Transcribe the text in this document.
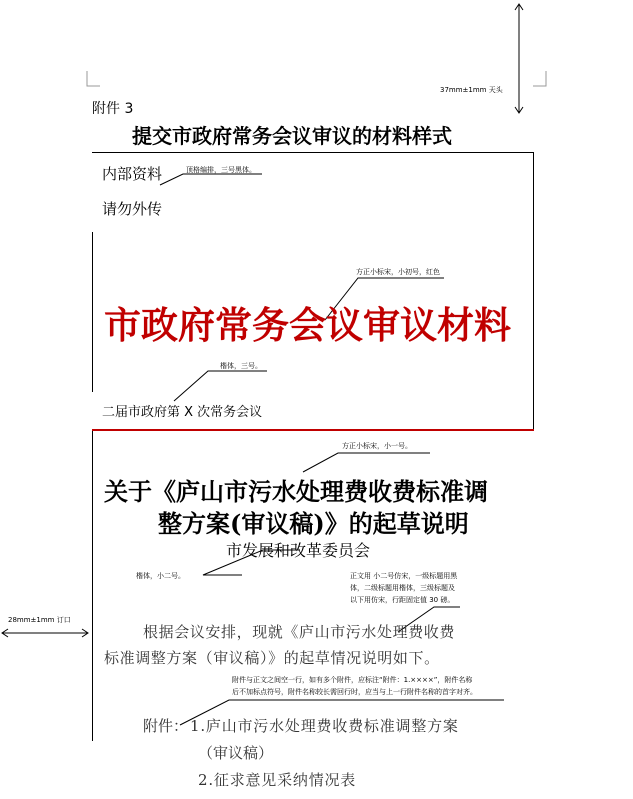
37mm±1mm 天头
28mm±1mm 订口
附件 3
提交市政府常务会议审议的材料样式
内部资料
请勿外传
顶格编排，三号黑体。
方正小标宋，小初号，红色
市政府常务会议审议材料
楷体，三号。
二届市政府第 X 次常务会议
方正小标宋，小一号。
关于《庐山市污水处理费收费标准调
整方案(审议稿)》的起草说明
市发展和改革委员会
楷体，小二号。	正文用 小二号仿宋，一级标题用黑
体，二级标题用楷体，三级标题及
以下用仿宋，行距固定值 30 磅。
根据会议安排，现就《庐山市污水处理费收费
标准调整方案（审议稿）》的起草情况说明如下。
附件与正文之间空一行，如有多个附件，应标注“附件：1.××××”，附件名称
后不加标点符号，附件名称较长需回行时，应当与上一行附件名称的首字对齐。
附件： 1.庐山市污水处理费收费标准调整方案
（审议稿）
2.征求意见采纳情况表
